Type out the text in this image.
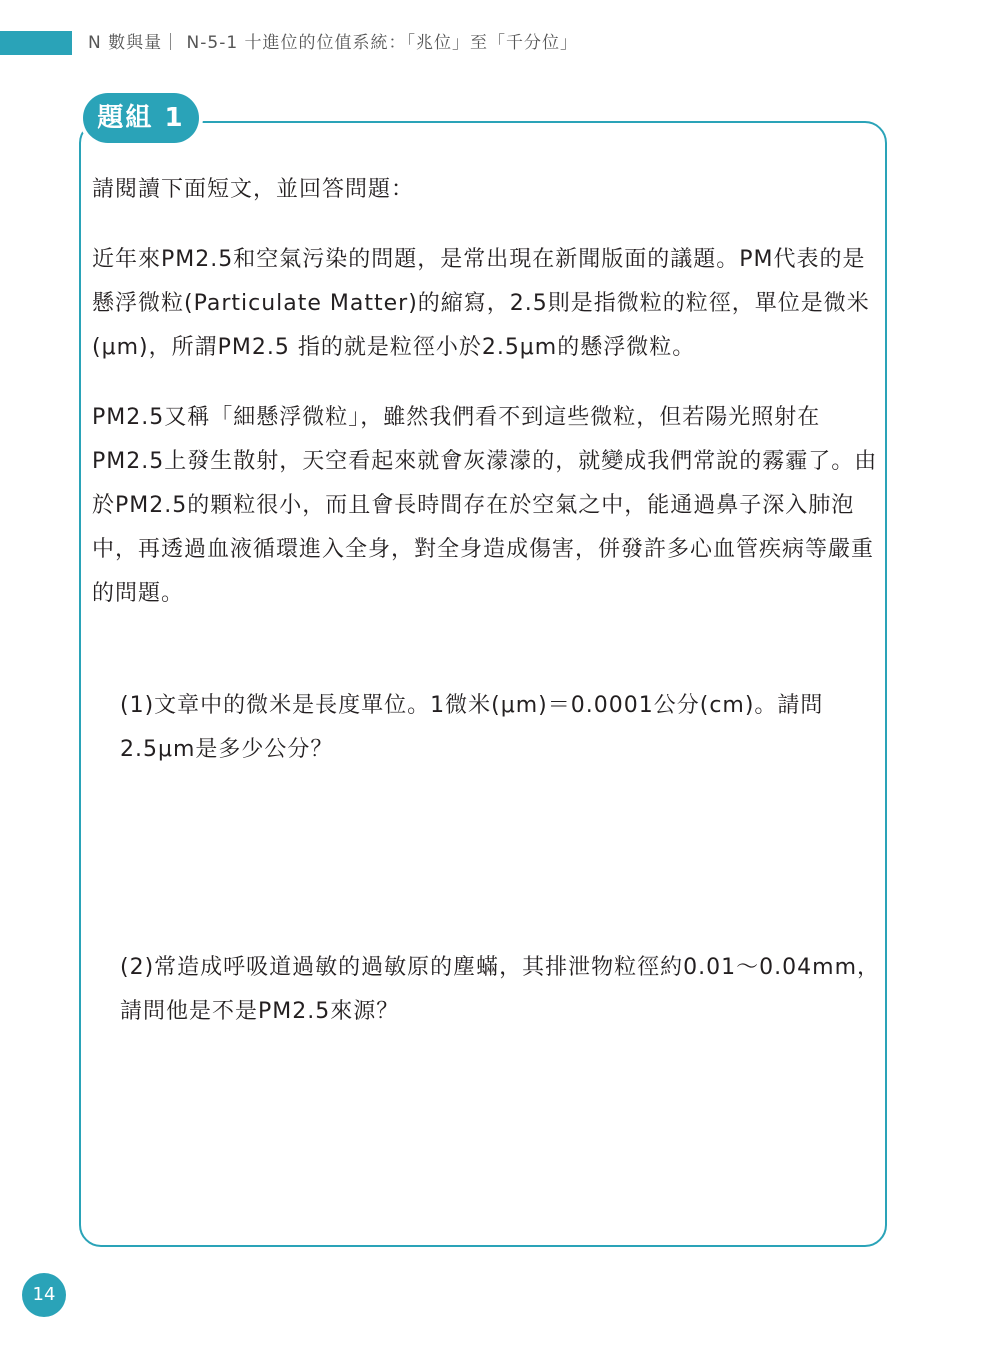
N 數與量｜ N-5-1 十進位的位值系統：「兆位」至「千分位」
題組 1

請閱讀下面短文，並回答問題：

近年來PM2.5和空氣污染的問題，是常出現在新聞版面的議題。PM代表的是懸浮微粒(Particulate Matter)的縮寫，2.5則是指微粒的粒徑，單位是微米(μm)，所謂PM2.5 指的就是粒徑小於2.5μm的懸浮微粒。

PM2.5又稱「細懸浮微粒」，雖然我們看不到這些微粒，但若陽光照射在PM2.5上發生散射，天空看起來就會灰濛濛的，就變成我們常說的霧霾了。由於PM2.5的顆粒很小，而且會長時間存在於空氣之中，能通過鼻子深入肺泡中，再透過血液循環進入全身，對全身造成傷害，併發許多心血管疾病等嚴重的問題。

(1)文章中的微米是長度單位。1微米(μm)＝0.0001公分(cm)。請問2.5μm是多少公分？

(2)常造成呼吸道過敏的過敏原的塵蟎，其排泄物粒徑約0.01～0.04mm，請問他是不是PM2.5來源？

14
